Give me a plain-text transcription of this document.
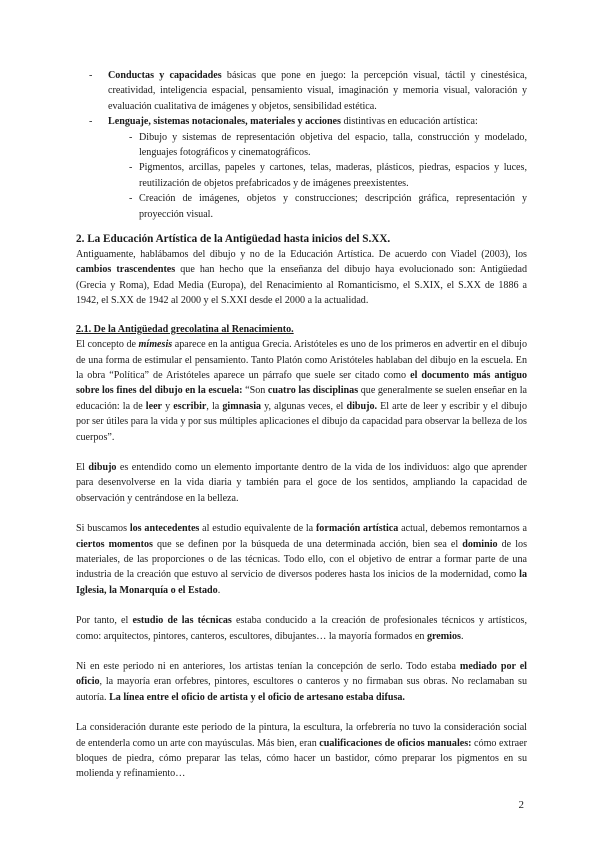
- Conductas y capacidades básicas que pone en juego: la percepción visual, táctil y cinestésica, creatividad, inteligencia espacial, pensamiento visual, imaginación y memoria visual, valoración y evaluación cualitativa de imágenes y objetos, sensibilidad estética.
- Lenguaje, sistemas notacionales, materiales y acciones distintivas en educación artística:
- Dibujo y sistemas de representación objetiva del espacio, talla, construcción y modelado, lenguajes fotográficos y cinematográficos.
- Pigmentos, arcillas, papeles y cartones, telas, maderas, plásticos, piedras, espacios y luces, reutilización de objetos prefabricados y de imágenes preexistentes.
- Creación de imágenes, objetos y construcciones; descripción gráfica, representación y proyección visual.
2. La Educación Artística de la Antigüedad hasta inicios del S.XX.

Antiguamente, hablábamos del dibujo y no de la Educación Artística. De acuerdo con Viadel (2003), los cambios trascendentes que han hecho que la enseñanza del dibujo haya evolucionado son: Antigüedad (Grecia y Roma), Edad Media (Europa), del Renacimiento al Romanticismo, el S.XIX, el S.XX de 1886 a 1942, el S.XX de 1942 al 2000 y el S.XXI desde el 2000 a la actualidad.

2.1. De la Antigüedad grecolatina al Renacimiento.

El concepto de mímesis aparece en la antigua Grecia. Aristóteles es uno de los primeros en advertir en el dibujo de una forma de estimular el pensamiento. Tanto Platón como Aristóteles hablaban del dibujo en la escuela. En la obra “Política” de Aristóteles aparece un párrafo que suele ser citado como el documento más antiguo sobre los fines del dibujo en la escuela: “Son cuatro las disciplinas que generalmente se suelen enseñar en la educación: la de leer y escribir, la gimnasia y, algunas veces, el dibujo. El arte de leer y escribir y el dibujo por ser útiles para la vida y por sus múltiples aplicaciones el dibujo da capacidad para observar la belleza de los cuerpos”.

El dibujo es entendido como un elemento importante dentro de la vida de los individuos: algo que aprender para desenvolverse en la vida diaria y también para el goce de los sentidos, ampliando la capacidad de observación y centrándose en la belleza.

Si buscamos los antecedentes al estudio equivalente de la formación artística actual, debemos remontarnos a ciertos momentos que se definen por la búsqueda de una determinada acción, bien sea el dominio de los materiales, de las proporciones o de las técnicas. Todo ello, con el objetivo de entrar a formar parte de una industria de la creación que estuvo al servicio de diversos poderes hasta los inicios de la modernidad, como la Iglesia, la Monarquía o el Estado.

Por tanto, el estudio de las técnicas estaba conducido a la creación de profesionales técnicos y artísticos, como: arquitectos, pintores, canteros, escultores, dibujantes… la mayoría formados en gremios.

Ni en este periodo ni en anteriores, los artistas tenían la concepción de serlo. Todo estaba mediado por el oficio, la mayoría eran orfebres, pintores, escultores o canteros y no firmaban sus obras. No reclamaban su autoría. La línea entre el oficio de artista y el oficio de artesano estaba difusa.

La consideración durante este periodo de la pintura, la escultura, la orfebrería no tuvo la consideración social de entenderla como un arte con mayúsculas. Más bien, eran cualificaciones de oficios manuales: cómo extraer bloques de piedra, cómo preparar las telas, cómo hacer un bastidor, cómo preparar los pigmentos en su molienda y refinamiento…

2
